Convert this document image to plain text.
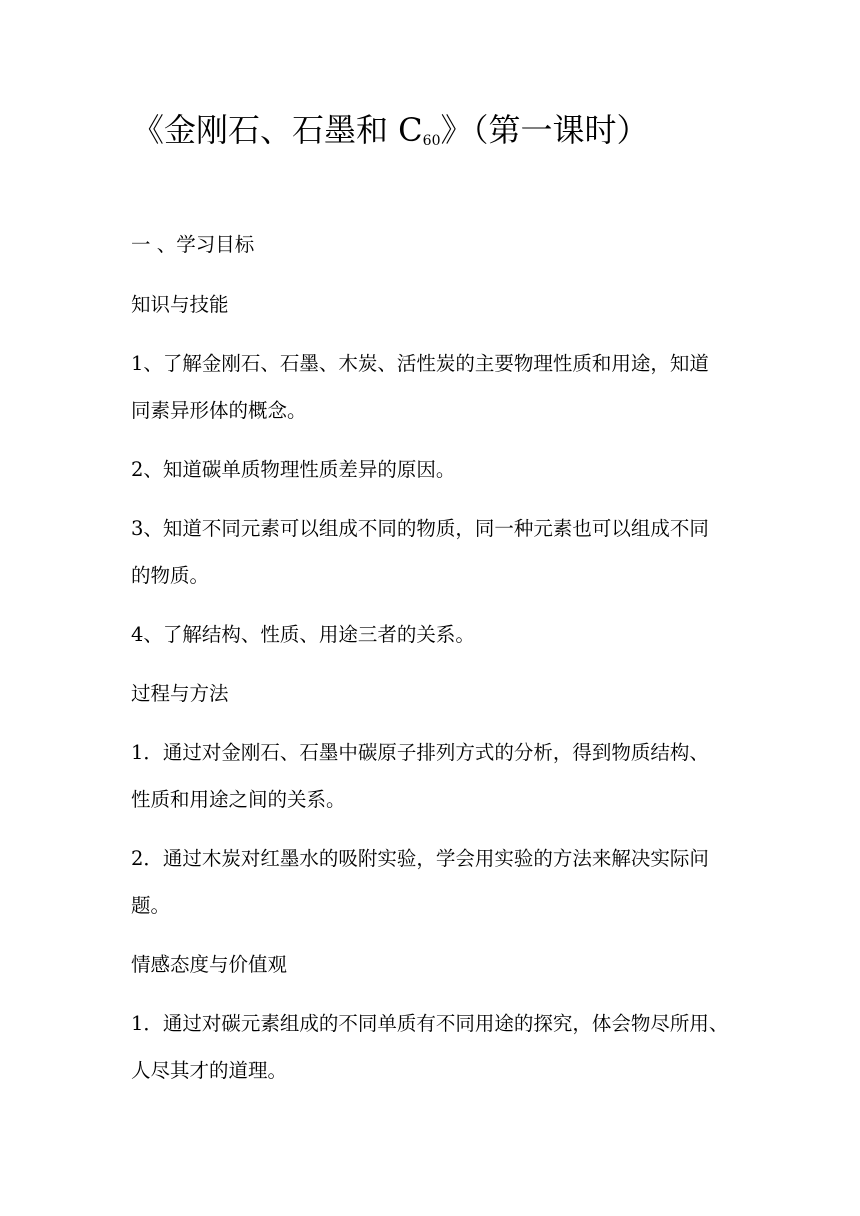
《金刚石、石墨和 $C_{60}$》（第一课时）
一 、学习目标
知识与技能
1、了解金刚石、石墨、木炭、活性炭的主要物理性质和用途，知道
同素异形体的概念。
2、知道碳单质物理性质差异的原因。
3、知道不同元素可以组成不同的物质，同一种元素也可以组成不同
的物质。
4、了解结构、性质、用途三者的关系。
过程与方法
1．通过对金刚石、石墨中碳原子排列方式的分析，得到物质结构、
性质和用途之间的关系。
2．通过木炭对红墨水的吸附实验，学会用实验的方法来解决实际问
题。
情感态度与价值观
1．通过对碳元素组成的不同单质有不同用途的探究，体会物尽所用、
人尽其才的道理。
